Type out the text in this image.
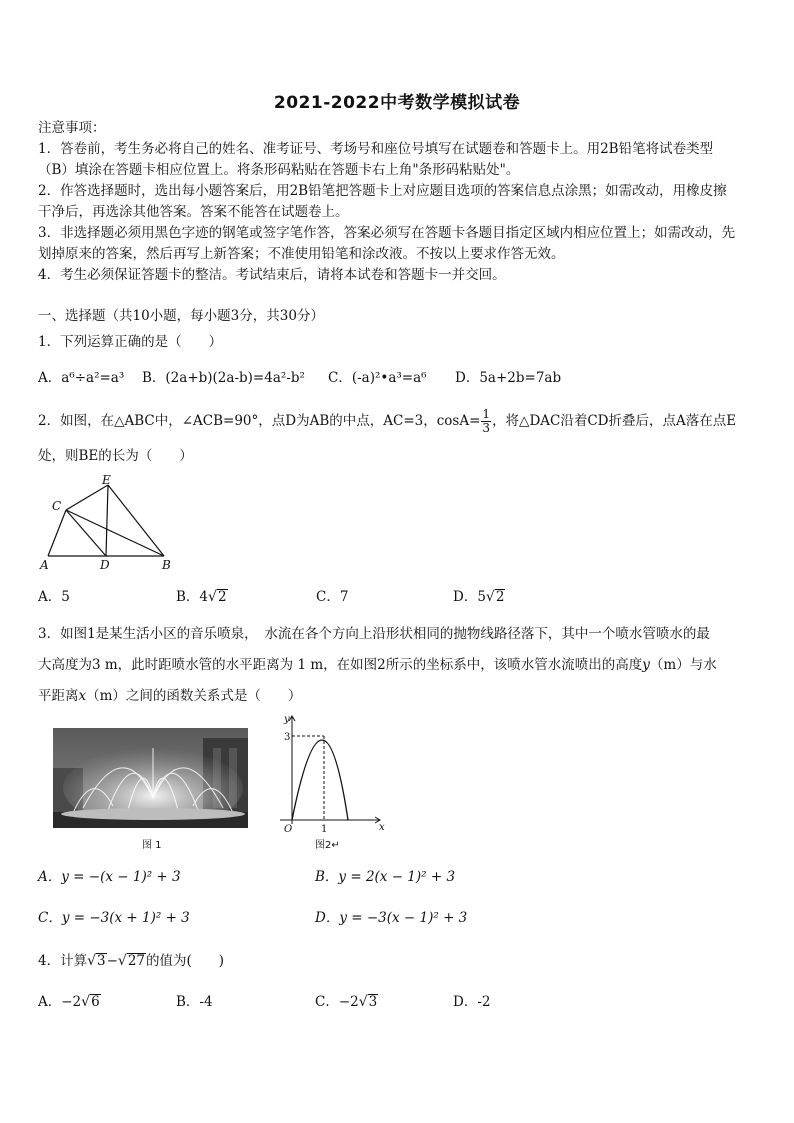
2021-2022中考数学模拟试卷
注意事项：
1．答卷前，考生务必将自己的姓名、准考证号、考场号和座位号填写在试题卷和答题卡上。用2B铅笔将试卷类型
（B）填涂在答题卡相应位置上。将条形码粘贴在答题卡右上角"条形码粘贴处"。
2．作答选择题时，选出每小题答案后，用2B铅笔把答题卡上对应题目选项的答案信息点涂黑；如需改动，用橡皮擦
干净后，再选涂其他答案。答案不能答在试题卷上。
3．非选择题必须用黑色字迹的钢笔或签字笔作答，答案必须写在答题卡各题目指定区域内相应位置上；如需改动，先
划掉原来的答案，然后再写上新答案；不准使用铅笔和涂改液。不按以上要求作答无效。
4．考生必须保证答题卡的整洁。考试结束后，请将本试卷和答题卡一并交回。
一、选择题（共10小题，每小题3分，共30分）
1．下列运算正确的是（　　）
A．a⁶÷a²=a³ B．(2a+b)(2a-b)=4a²-b² C．(-a)²•a³=a⁶ D．5a+2b=7ab
2．如图，在△ABC中，∠ACB=90°，点D为AB的中点，AC=3，$\cos A= \frac{1}{3}$ ，将△DAC沿着CD折叠后，点A落在点E
处，则BE的长为（　　）
C
E
A	D	B
A．5	B．4√2	C．7	D．5√2
3．如图1是某生活小区的音乐喷泉，　水流在各个方向上沿形状相同的抛物线路径落下，其中一个喷水管喷水的最
大高度为3 m，此时距喷水管的水平距离为 1 m，在如图2所示的坐标系中，该喷水管水流喷出的高度y（m）与水
平距离x（m）之间的函数关系式是（　　）
图 1
y
x
O
3
1
图2↵
A．y = −(x − 1)² + 3	B．y = 2(x − 1)² + 3
C．y = −3(x + 1)² + 3	D．y = −3(x − 1)² + 3
4．计算√3−√27的值为(　　)
A．−2√6	B．-4	C．−2√3	D．-2
